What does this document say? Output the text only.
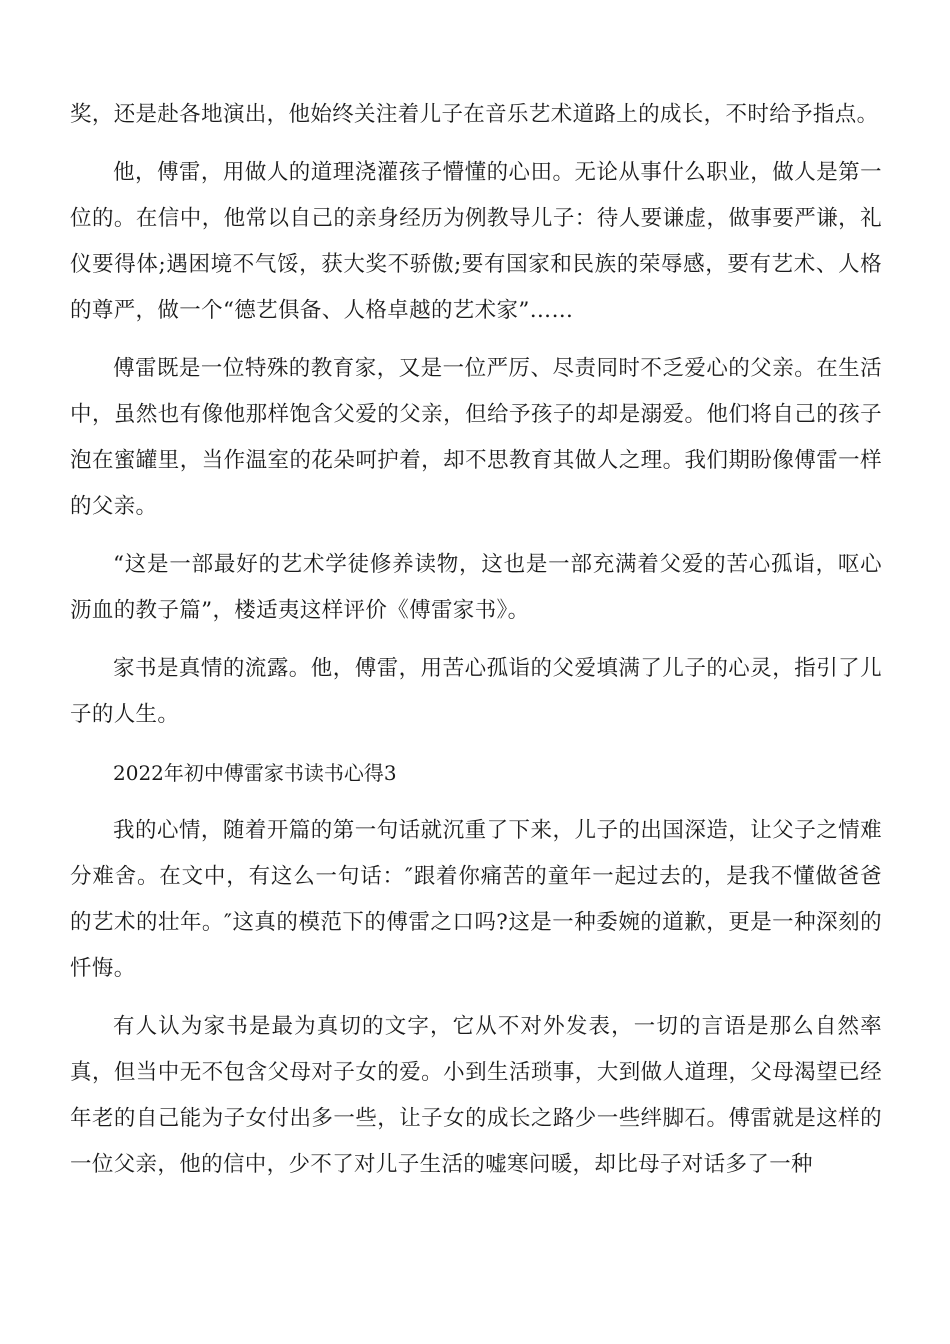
奖，还是赴各地演出，他始终关注着儿子在音乐艺术道路上的成长，不时给予指点。

他，傅雷，用做人的道理浇灌孩子懵懂的心田。无论从事什么职业，做人是第一位的。在信中，他常以自己的亲身经历为例教导儿子：待人要谦虚，做事要严谦，礼仪要得体;遇困境不气馁，获大奖不骄傲;要有国家和民族的荣辱感，要有艺术、人格的尊严，做一个“德艺俱备、人格卓越的艺术家”……

傅雷既是一位特殊的教育家，又是一位严厉、尽责同时不乏爱心的父亲。在生活中，虽然也有像他那样饱含父爱的父亲，但给予孩子的却是溺爱。他们将自己的孩子泡在蜜罐里，当作温室的花朵呵护着，却不思教育其做人之理。我们期盼像傅雷一样的父亲。

“这是一部最好的艺术学徒修养读物，这也是一部充满着父爱的苦心孤诣，呕心沥血的教子篇”，楼适夷这样评价《傅雷家书》。

家书是真情的流露。他，傅雷，用苦心孤诣的父爱填满了儿子的心灵，指引了儿子的人生。

2022年初中傅雷家书读书心得3

我的心情，随着开篇的第一句话就沉重了下来，儿子的出国深造，让父子之情难分难舍。在文中，有这么一句话：″跟着你痛苦的童年一起过去的，是我不懂做爸爸的艺术的壮年。″这真的模范下的傅雷之口吗?这是一种委婉的道歉，更是一种深刻的忏悔。

有人认为家书是最为真切的文字，它从不对外发表，一切的言语是那么自然率真，但当中无不包含父母对子女的爱。小到生活琐事，大到做人道理，父母渴望已经年老的自己能为子女付出多一些，让子女的成长之路少一些绊脚石。傅雷就是这样的一位父亲，他的信中，少不了对儿子生活的嘘寒问暖，却比母子对话多了一种
